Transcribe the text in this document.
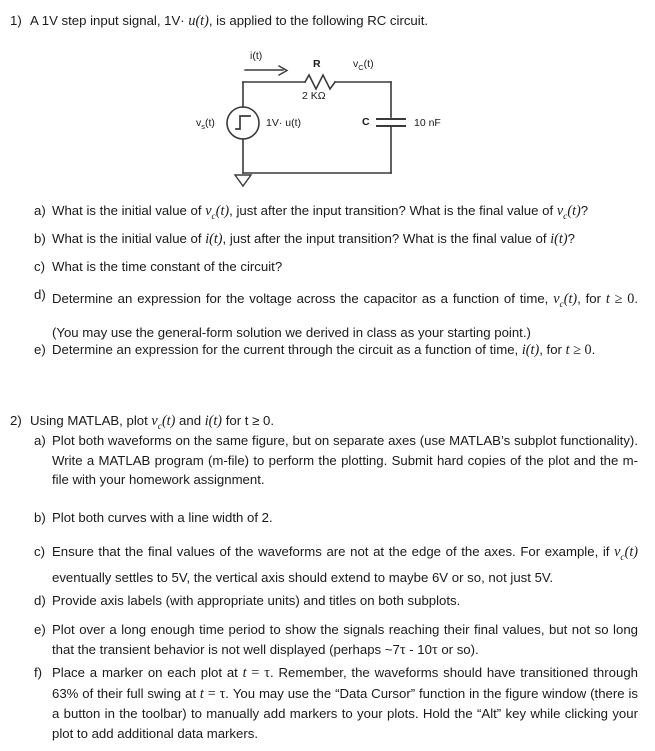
1) A 1V step input signal, 1V· u(t), is applied to the following RC circuit.
i(t)
R
2 KΩ
$v_C(t)$
$v_s(t)$	1V· u(t)	C	10 nF
a) What is the initial value of $v_c(t)$, just after the input transition? What is the final value of $v_c(t)$?
b) What is the initial value of i(t), just after the input transition? What is the final value of i(t)?
c) What is the time constant of the circuit?
d) Determine an expression for the voltage across the capacitor as a function of time, $v_c(t)$, for t ≥ 0. (You may use the general-form solution we derived in class as your starting point.)
e) Determine an expression for the current through the circuit as a function of time, i(t), for t ≥ 0.
2) Using MATLAB, plot $v_c(t)$ and i(t) for t ≥ 0.
a) Plot both waveforms on the same figure, but on separate axes (use MATLAB’s subplot functionality). Write a MATLAB program (m-file) to perform the plotting. Submit hard copies of the plot and the m-file with your homework assignment.
b) Plot both curves with a line width of 2.
c) Ensure that the final values of the waveforms are not at the edge of the axes. For example, if $v_c(t)$ eventually settles to 5V, the vertical axis should extend to maybe 6V or so, not just 5V.
d) Provide axis labels (with appropriate units) and titles on both subplots.
e) Plot over a long enough time period to show the signals reaching their final values, but not so long that the transient behavior is not well displayed (perhaps ~7τ - 10τ or so).
f) Place a marker on each plot at t = τ. Remember, the waveforms should have transitioned through 63% of their full swing at t = τ. You may use the “Data Cursor” function in the figure window (there is a button in the toolbar) to manually add markers to your plots. Hold the “Alt” key while clicking your plot to add additional data markers.
